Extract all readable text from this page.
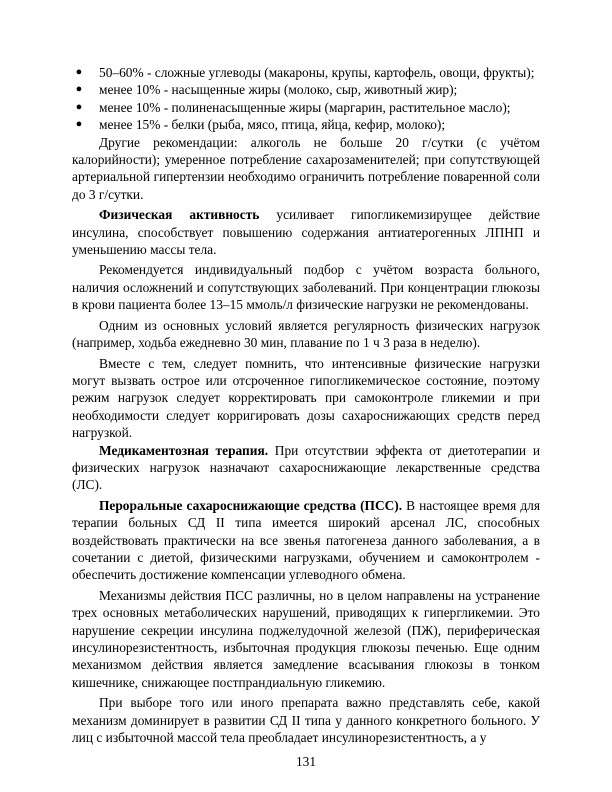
● 50–60% - сложные углеводы (макароны, крупы, картофель, овощи, фрукты);
● менее 10% - насыщенные жиры (молоко, сыр, животный жир);
● менее 10% - полиненасыщенные жиры (маргарин, растительное масло);
● менее 15% - белки (рыба, мясо, птица, яйца, кефир, молоко);

Другие рекомендации: алкоголь не больше 20 г/сутки (с учётом калорийности); умеренное потребление сахарозаменителей; при сопутствующей артериальной гипертензии необходимо ограничить потребление поваренной соли до 3 г/сутки.

Физическая активность усиливает гипогликемизирущее действие инсулина, способствует повышению содержания антиатерогенных ЛПНП и уменьшению массы тела.

Рекомендуется индивидуальный подбор с учётом возраста больного, наличия осложнений и сопутствующих заболеваний. При концентрации глюкозы в крови пациента более 13–15 ммоль/л физические нагрузки не рекомендованы.

Одним из основных условий является регулярность физических нагрузок (например, ходьба ежедневно 30 мин, плавание по 1 ч 3 раза в неделю).

Вместе с тем, следует помнить, что интенсивные физические нагрузки могут вызвать острое или отсроченное гипогликемическое состояние, поэтому режим нагрузок следует корректировать при самоконтроле гликемии и при необходимости следует корригировать дозы сахароснижающих средств перед нагрузкой.

Медикаментозная терапия. При отсутствии эффекта от диетотерапии и физических нагрузок назначают сахароснижающие лекарственные средства (ЛС).

Пероральные сахароснижающие средства (ПСС). В настоящее время для терапии больных СД II типа имеется широкий арсенал ЛС, способных воздействовать практически на все звенья патогенеза данного заболевания, а в сочетании с диетой, физическими нагрузками, обучением и самоконтролем - обеспечить достижение компенсации углеводного обмена.

Механизмы действия ПСС различны, но в целом направлены на устранение трех основных метаболических нарушений, приводящих к гипергликемии. Это нарушение секреции инсулина поджелудочной железой (ПЖ), периферическая инсулинорезистентность, избыточная продукция глюкозы печенью. Еще одним механизмом действия является замедление всасывания глюкозы в тонком кишечнике, снижающее постпрандиальную гликемию.

При выборе того или иного препарата важно представлять себе, какой механизм доминирует в развитии СД II типа у данного конкретного больного. У лиц с избыточной массой тела преобладает инсулинорезистентность, а у

131
